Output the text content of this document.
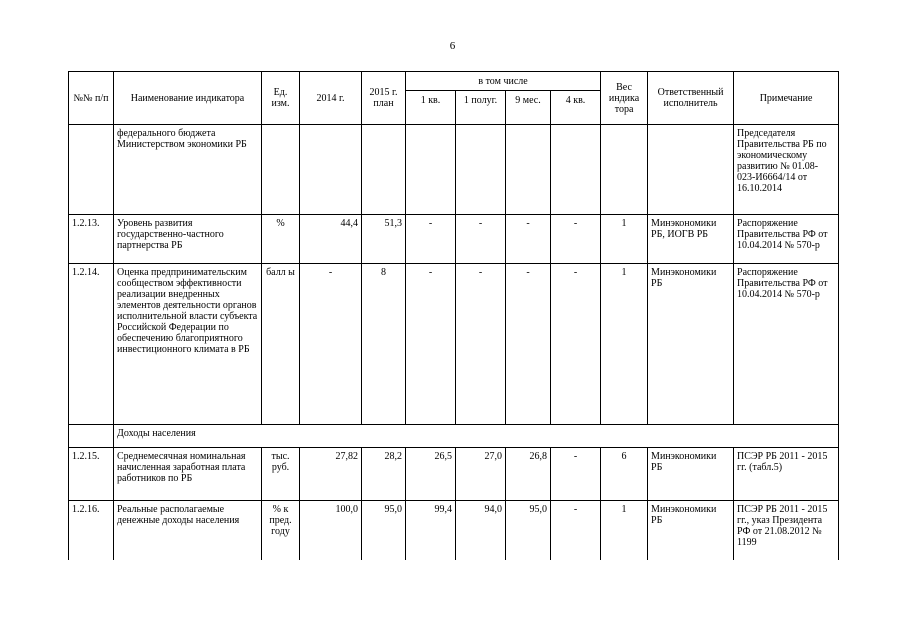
6
№№ п/п	Наименование индикатора	Ед. изм.	2014 г.	2015 г. план	в том числе				Вес индика тора	Ответственный исполнитель	Примечание
					1 кв.	1 полуг.	9 мес.	4 кв.			
	федерального бюджета Министерством экономики РБ										Председателя Правительства РБ по экономическому развитию № 01.08-023-И6664/14 от 16.10.2014
1.2.13.	Уровень развития государственно-частного партнерства РБ	%	44,4	51,3	-	-	-	-	1	Минэкономики РБ, ИОГВ РБ	Распоряжение Правительства РФ от 10.04.2014 № 570-р
1.2.14.	Оценка предпринимательским сообществом эффективности реализации внедренных элементов деятельности органов исполнительной власти субъекта Российской Федерации по обеспечению благоприятного инвестиционного климата в РБ	балл ы	-	8	-	-	-	-	1	Минэкономики РБ	Распоряжение Правительства РФ от 10.04.2014 № 570-р
	Доходы населения										
1.2.15.	Среднемесячная номинальная начисленная заработная плата работников по РБ	тыс. руб.	27,82	28,2	26,5	27,0	26,8	-	6	Минэкономики РБ	ПСЭР РБ 2011 - 2015 гг. (табл.5)
1.2.16.	Реальные располагаемые денежные доходы населения	% к пред. году	100,0	95,0	99,4	94,0	95,0	-	1	Минэкономики РБ	ПСЭР РБ 2011 - 2015 гг., указ Президента РФ от 21.08.2012 № 1199
